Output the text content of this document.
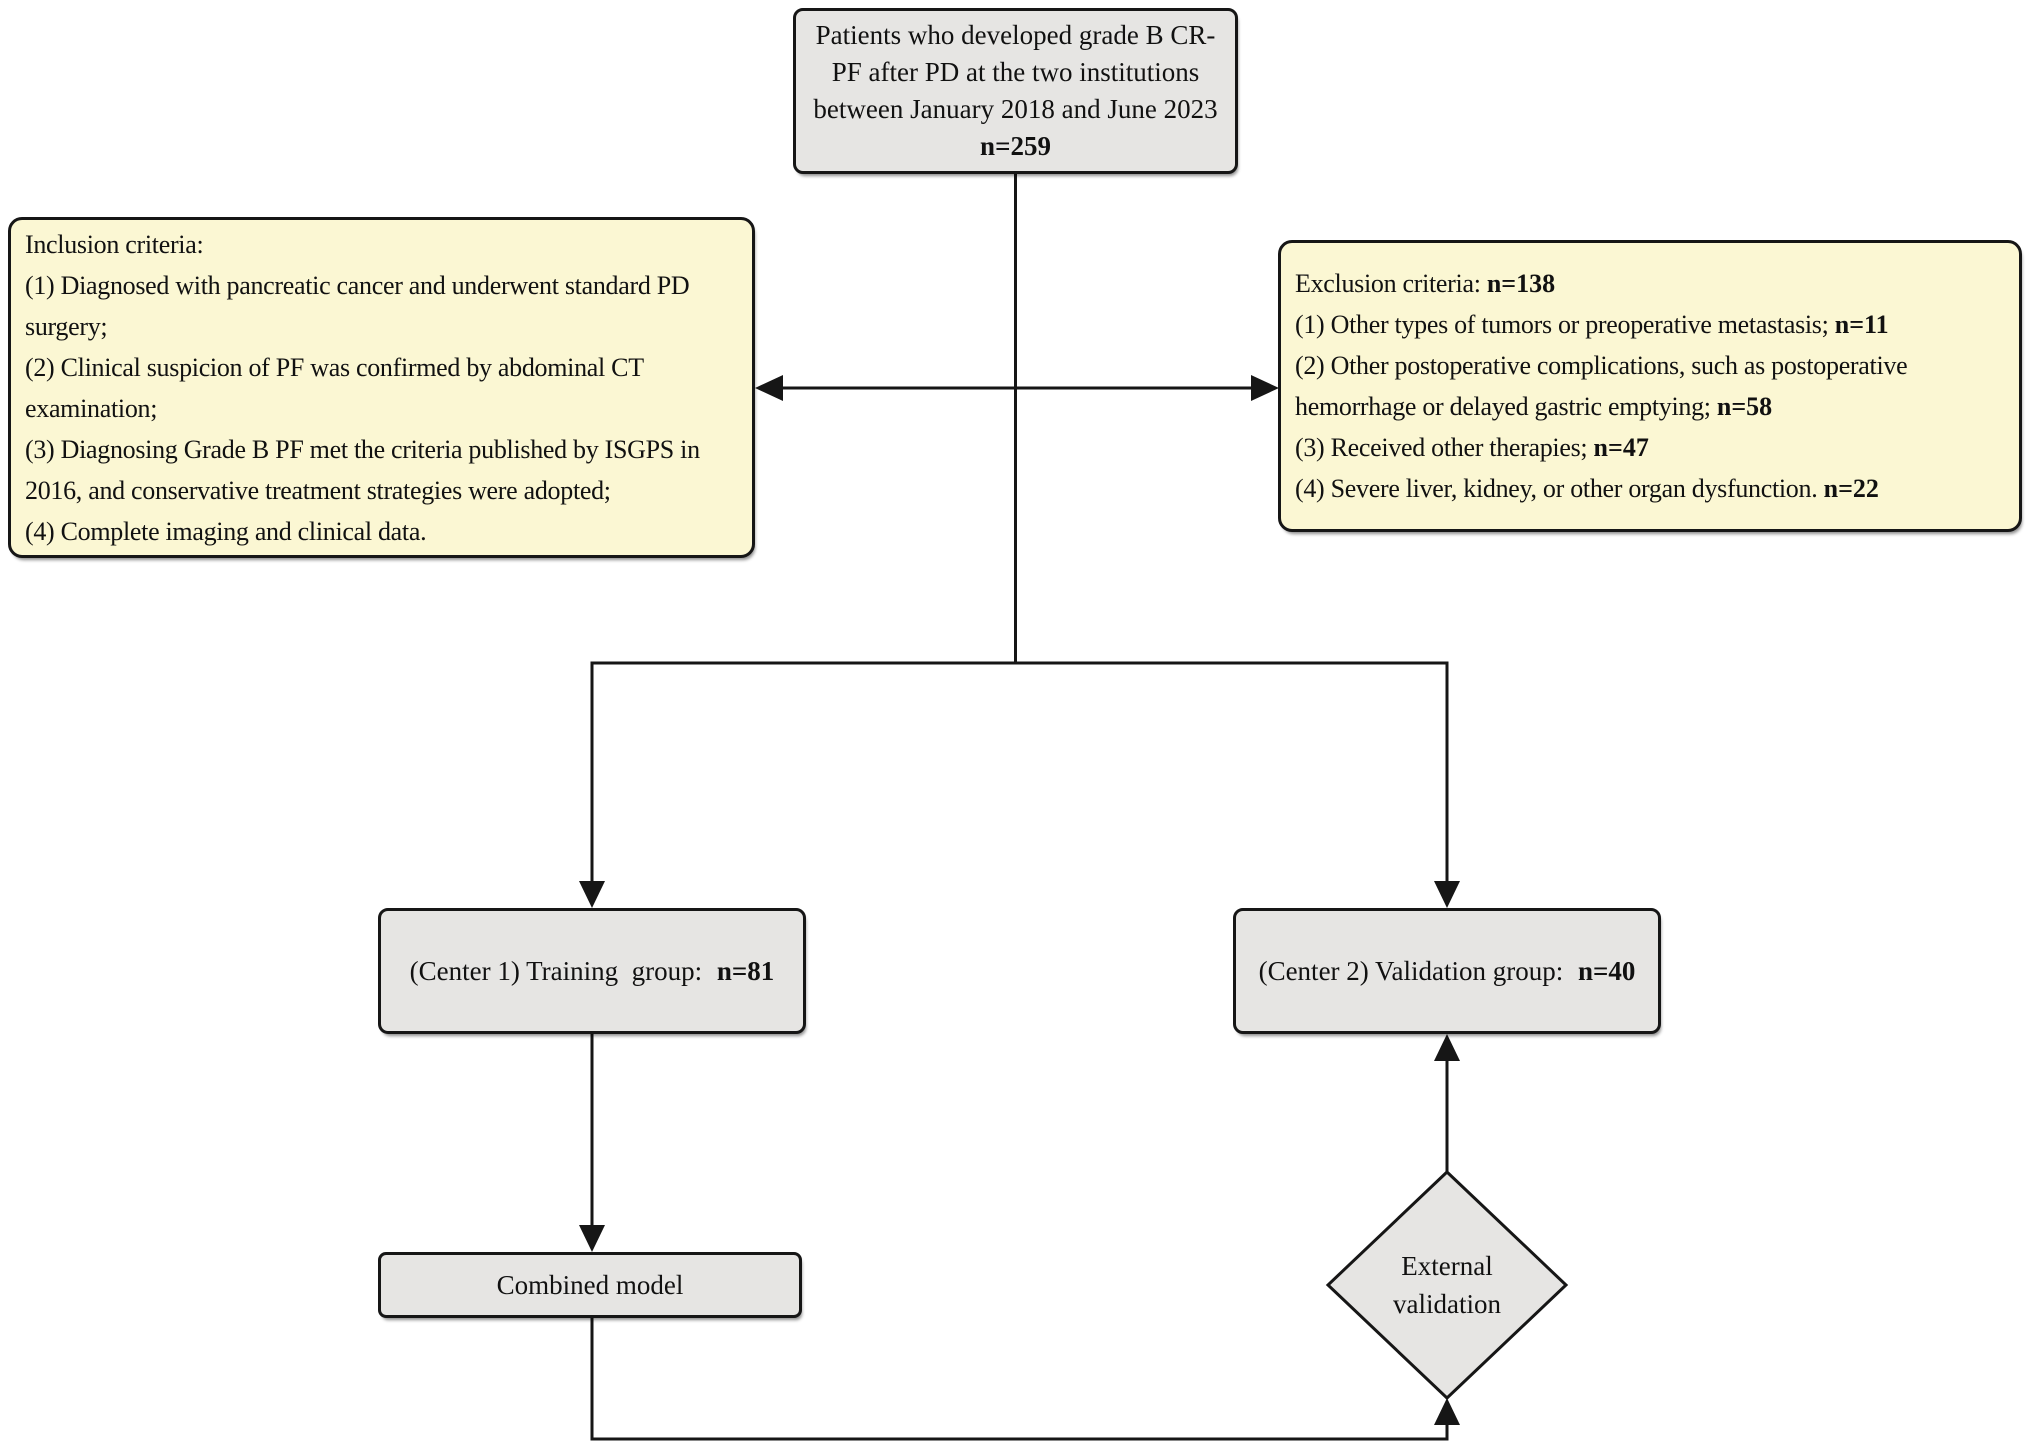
Patients who developed grade B CR-
PF after PD at the two institutions
between January 2018 and June 2023
n=259
Inclusion criteria:
(1) Diagnosed with pancreatic cancer and underwent standard PD surgery;
(2) Clinical suspicion of PF was confirmed by abdominal CT examination;
(3) Diagnosing Grade B PF met the criteria published by ISGPS in 2016, and conservative treatment strategies were adopted;
(4) Complete imaging and clinical data.
Exclusion criteria: n=138
(1) Other types of tumors or preoperative metastasis; n=11
(2) Other postoperative complications, such as postoperative hemorrhage or delayed gastric emptying; n=58
(3) Received other therapies; n=47
(4) Severe liver, kidney, or other organ dysfunction. n=22
(Center 1) Training  group: n=81	(Center 2) Validation group: n=40
Combined model
External
validation
